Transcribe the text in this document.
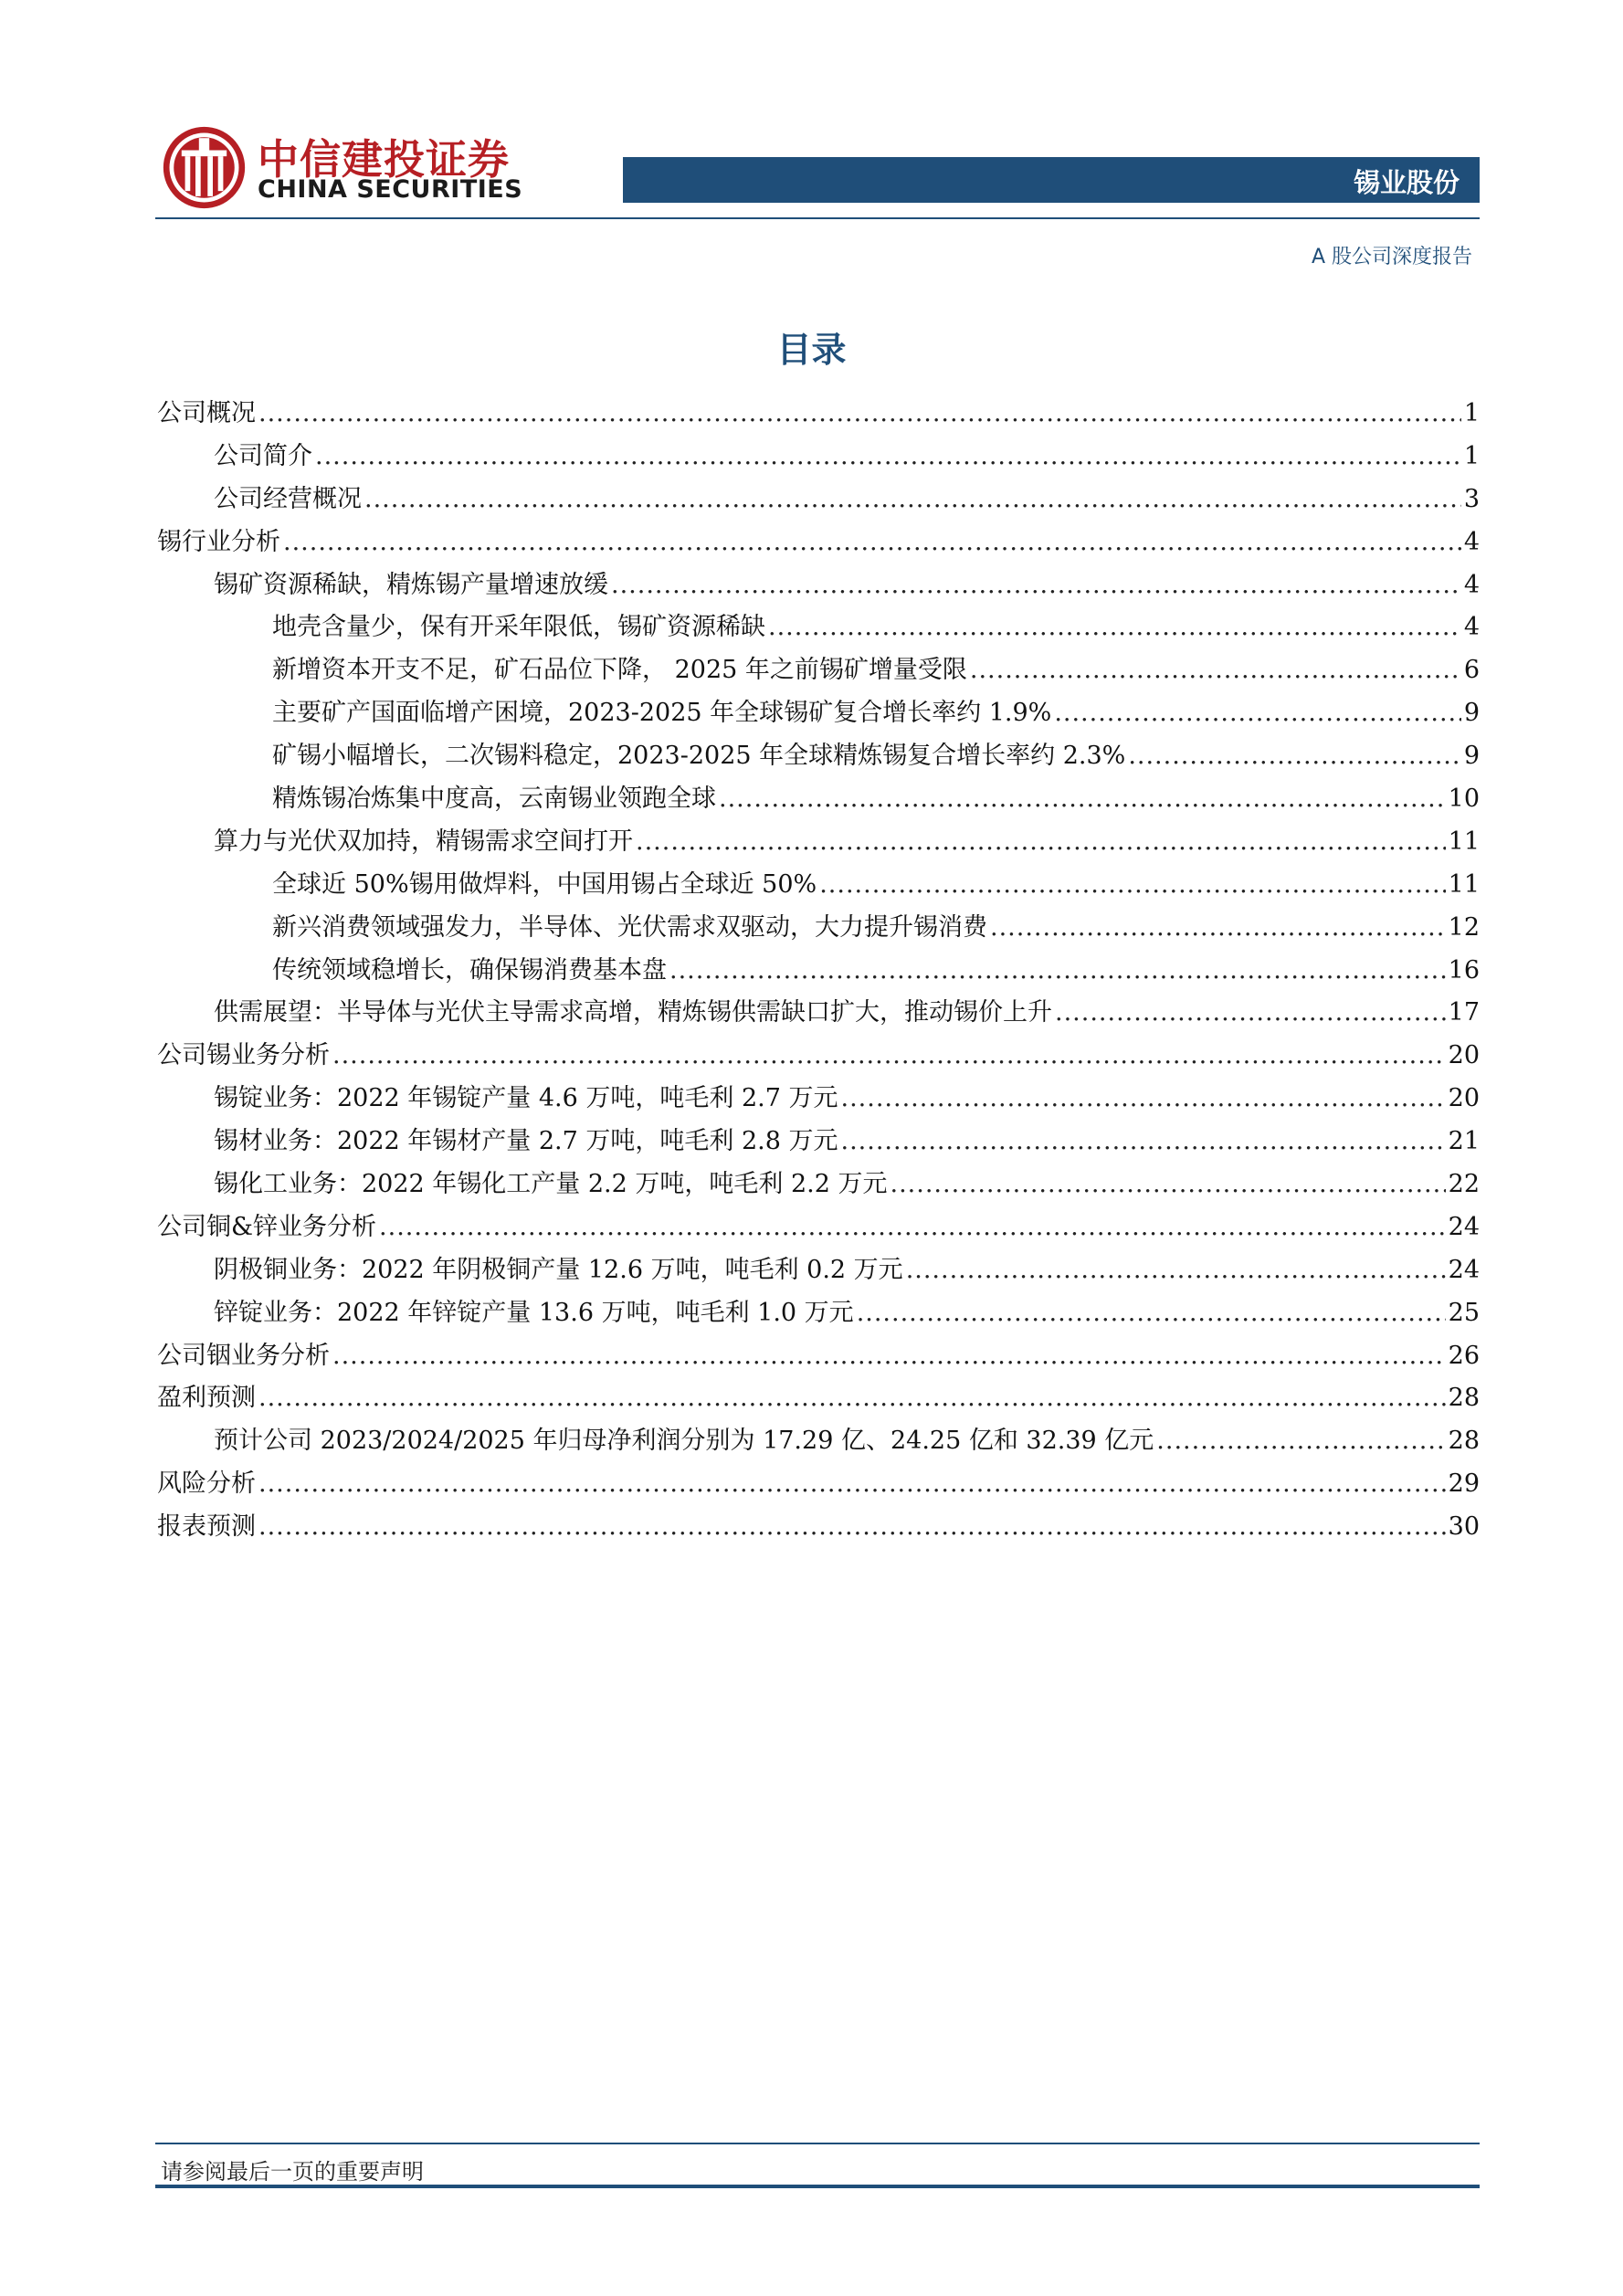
中信建投证券
CHINA SECURITIES	锡业股份
A 股公司深度报告
目录
公司概况 .....	1
公司简介 .....	1
公司经营概况 .....	3
锡行业分析 .....	4
锡矿资源稀缺，精炼锡产量增速放缓 .....	4
地壳含量少，保有开采年限低，锡矿资源稀缺 .....	4
新增资本开支不足，矿石品位下降， 2025 年之前锡矿增量受限 .....	6
主要矿产国面临增产困境，2023-2025 年全球锡矿复合增长率约 1.9% .....	9
矿锡小幅增长，二次锡料稳定，2023-2025 年全球精炼锡复合增长率约 2.3% .....	9
精炼锡冶炼集中度高，云南锡业领跑全球 .....	10
算力与光伏双加持，精锡需求空间打开 .....	11
全球近 50%锡用做焊料，中国用锡占全球近 50% .....	11
新兴消费领域强发力，半导体、光伏需求双驱动，大力提升锡消费 .....	12
传统领域稳增长，确保锡消费基本盘 .....	16
供需展望：半导体与光伏主导需求高增，精炼锡供需缺口扩大，推动锡价上升 .....	17
公司锡业务分析 .....	20
锡锭业务：2022 年锡锭产量 4.6 万吨，吨毛利 2.7 万元 .....	20
锡材业务：2022 年锡材产量 2.7 万吨，吨毛利 2.8 万元 .....	21
锡化工业务：2022 年锡化工产量 2.2 万吨，吨毛利 2.2 万元 .....	22
公司铜&锌业务分析 .....	24
阴极铜业务：2022 年阴极铜产量 12.6 万吨，吨毛利 0.2 万元 .....	24
锌锭业务：2022 年锌锭产量 13.6 万吨，吨毛利 1.0 万元 .....	25
公司铟业务分析 .....	26
盈利预测 .....	28
预计公司 2023/2024/2025 年归母净利润分别为 17.29 亿、24.25 亿和 32.39 亿元 .....	28
风险分析 .....	29
报表预测 .....	30
请参阅最后一页的重要声明
